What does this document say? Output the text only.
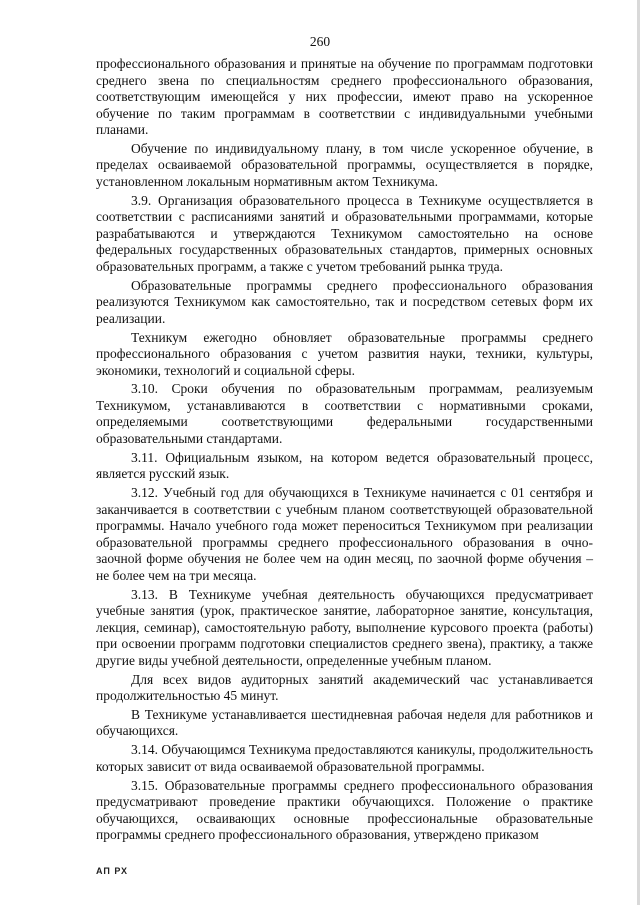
260

профессионального образования и принятые на обучение по программам подготовки среднего звена по специальностям среднего профессионального образования, соответствующим имеющейся у них профессии, имеют право на ускоренное обучение по таким программам в соответствии с индивидуальными учебными планами.

Обучение по индивидуальному плану, в том числе ускоренное обучение, в пределах осваиваемой образовательной программы, осуществляется в порядке, установленном локальным нормативным актом Техникума.

3.9. Организация образовательного процесса в Техникуме осуществляется в соответствии с расписаниями занятий и образовательными программами, которые разрабатываются и утверждаются Техникумом самостоятельно на основе федеральных государственных образовательных стандартов, примерных основных образовательных программ, а также с учетом требований рынка труда.

Образовательные программы среднего профессионального образования реализуются Техникумом как самостоятельно, так и посредством сетевых форм их реализации.

Техникум ежегодно обновляет образовательные программы среднего профессионального образования с учетом развития науки, техники, культуры, экономики, технологий и социальной сферы.

3.10. Сроки обучения по образовательным программам, реализуемым Техникумом, устанавливаются в соответствии с нормативными сроками, определяемыми соответствующими федеральными государственными образовательными стандартами.

3.11. Официальным языком, на котором ведется образовательный процесс, является русский язык.

3.12. Учебный год для обучающихся в Техникуме начинается с 01 сентября и заканчивается в соответствии с учебным планом соответствующей образовательной программы. Начало учебного года может переноситься Техникумом при реализации образовательной программы среднего профессионального образования в очно-заочной форме обучения не более чем на один месяц, по заочной форме обучения – не более чем на три месяца.

3.13. В Техникуме учебная деятельность обучающихся предусматривает учебные занятия (урок, практическое занятие, лабораторное занятие, консультация, лекция, семинар), самостоятельную работу, выполнение курсового проекта (работы) при освоении программ подготовки специалистов среднего звена), практику, а также другие виды учебной деятельности, определенные учебным планом.

Для всех видов аудиторных занятий академический час устанавливается продолжительностью 45 минут.

В Техникуме устанавливается шестидневная рабочая неделя для работников и обучающихся.

3.14. Обучающимся Техникума предоставляются каникулы, продолжительность которых зависит от вида осваиваемой образовательной программы.

3.15. Образовательные программы среднего профессионального образования предусматривают проведение практики обучающихся. Положение о практике обучающихся, осваивающих основные профессиональные образовательные программы среднего профессионального образования, утверждено приказом

АП РХ
